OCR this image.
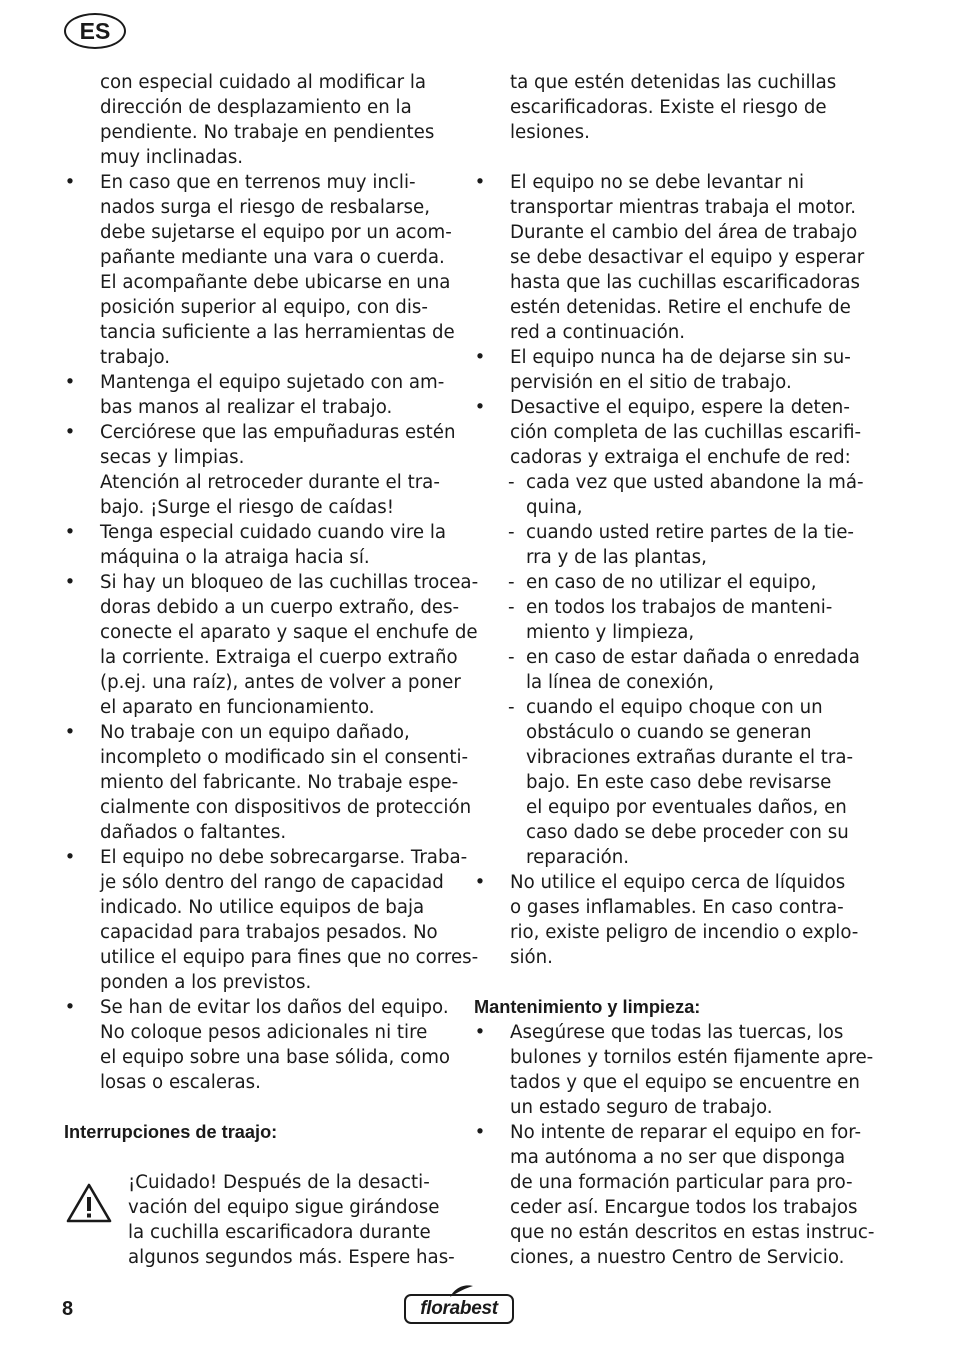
ES
con especial cuidado al modificar la
dirección de desplazamiento en la
pendiente. No trabaje en pendientes
muy inclinadas.
• En caso que en terrenos muy incli-
nados surga el riesgo de resbalarse,
debe sujetarse el equipo por un acom-
pañante mediante una vara o cuerda.
El acompañante debe ubicarse en una
posición superior al equipo, con dis-
tancia suficiente a las herramientas de
trabajo.
• Mantenga el equipo sujetado con am-
bas manos al realizar el trabajo.
• Cerciórese que las empuñaduras estén
secas y limpias.
Atención al retroceder durante el tra-
bajo. ¡Surge el riesgo de caídas!
• Tenga especial cuidado cuando vire la
máquina o la atraiga hacia sí.
• Si hay un bloqueo de las cuchillas troceа-
doras debido a un cuerpo extraño, des-
conecte el aparato y saque el enchufe de
la corriente. Extraiga el cuerpo extraño
(p.ej. una raíz), antes de volver a poner
el aparato en funcionamiento.
• No trabaje con un equipo dañado,
incompleto o modificado sin el consenti-
miento del fabricante. No trabaje espe-
cialmente con dispositivos de protección
dañados o faltantes.
• El equipo no debe sobrecargarse. Traba-
je sólo dentro del rango de capacidad
indicado. No utilice equipos de baja
capacidad para trabajos pesados. No
utilice el equipo para fines que no corres-
ponden a los previstos.
• Se han de evitar los daños del equipo.
No coloque pesos adicionales ni tire
el equipo sobre una base sólida, como
losas o escaleras.
Interrupciones de traajo:
¡Cuidado! Después de la desacti-
vación del equipo sigue girándose
la cuchilla escarificadora durante
algunos segundos más. Espere has-
ta que estén detenidas las cuchillas
escarificadoras. Existe el riesgo de
lesiones.
• El equipo no se debe levantar ni
transportar mientras trabaja el motor.
Durante el cambio del área de trabajo
se debe desactivar el equipo y esperar
hasta que las cuchillas escarificadoras
estén detenidas. Retire el enchufe de
red a continuación.
• El equipo nunca ha de dejarse sin su-
pervisión en el sitio de trabajo.
• Desactive el equipo, espere la deten-
ción completa de las cuchillas escarifi-
cadoras y extraiga el enchufe de red:
- cada vez que usted abandone la má-
quina,
- cuando usted retire partes de la tie-
rra y de las plantas,
- en caso de no utilizar el equipo,
- en todos los trabajos de manteni-
miento y limpieza,
- en caso de estar dañada o enredada
la línea de conexión,
- cuando el equipo choque con un
obstáculo o cuando se generan
vibraciones extrañas durante el tra-
bajo. En este caso debe revisarse
el equipo por eventuales daños, en
caso dado se debe proceder con su
reparación.
• No utilice el equipo cerca de líquidos
o gases inflamables. En caso contra-
rio, existe peligro de incendio o explo-
sión.
Mantenimiento y limpieza:
• Asegúrese que todas las tuercas, los
bulones y tornilos estén fijamente apre-
tados y que el equipo se encuentre en
un estado seguro de trabajo.
• No intente de reparar el equipo en for-
ma autónoma a no ser que disponga
de una formación particular para pro-
ceder así. Encargue todos los trabajos
que no están descritos en estas instruc-
ciones, a nuestro Centro de Servicio.
8	florabest
